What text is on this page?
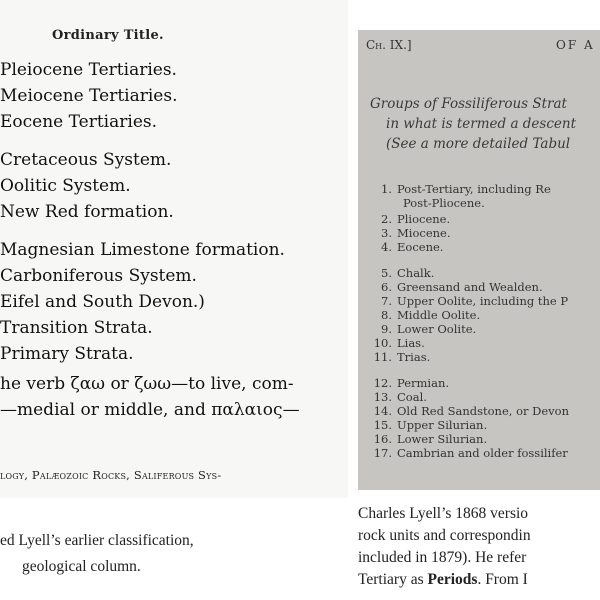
Ordinary Title.
Pleiocene Tertiaries.
Meiocene Tertiaries.
Eocene Tertiaries.
Cretaceous System.
Oolitic System.
New Red formation.
Magnesian Limestone formation.
Carboniferous System.
Eifel and South Devon.)
Transition Strata.
Primary Strata.
he verb ζαω or ζωω—to live, com-
—medial or middle, and παλαιος—
logy, Palæozoic Rocks, Saliferous Sys-
Ch. IX.]	OF A
Groups of Fossiliferous Strat
in what is termed a descent
(See a more detailed Tabul
1. Post-Tertiary, including Re
Post-Pliocene.
2. Pliocene.
3. Miocene.
4. Eocene.
5. Chalk.
6. Greensand and Wealden.
7. Upper Oolite, including the P
8. Middle Oolite.
9. Lower Oolite.
10. Lias.
11. Trias.
12. Permian.
13. Coal.
14. Old Red Sandstone, or Devon
15. Upper Silurian.
16. Lower Silurian.
17. Cambrian and older fossilifer
ed Lyell’s earlier classification,
geological column.
Charles Lyell’s 1868 versio
rock units and correspondin
included in 1879). He refer
Tertiary as Periods. From I
